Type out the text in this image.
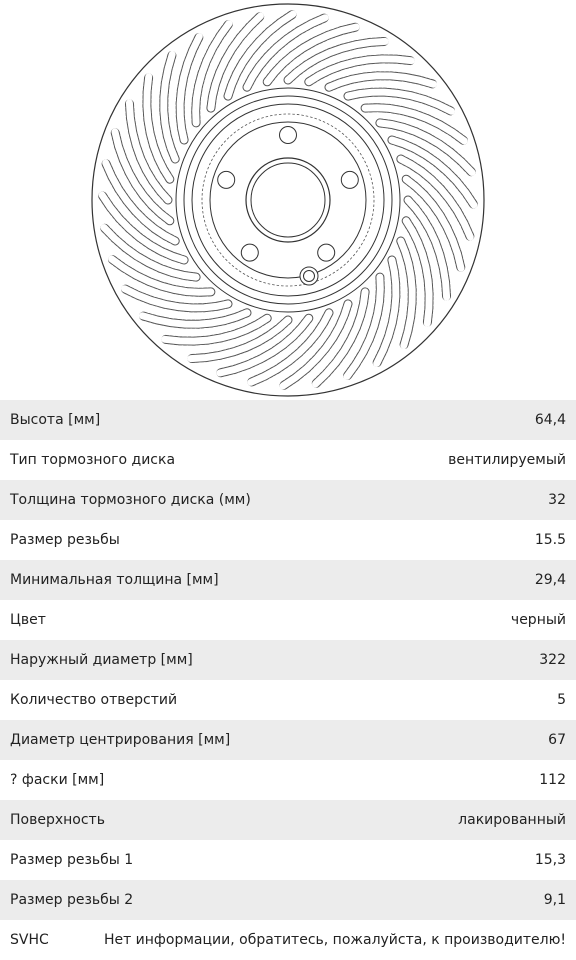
Высота [мм]	64,4
Тип тормозного диска	вентилируемый
Толщина тормозного диска (мм)	32
Размер резьбы	15.5
Минимальная толщина [мм]	29,4
Цвет	черный
Наружный диаметр [мм]	322
Количество отверстий	5
Диаметр центрирования [мм]	67
? фаски [мм]	112
Поверхность	лакированный
Размер резьбы 1	15,3
Размер резьбы 2	9,1
SVHC	Нет информации, обратитесь, пожалуйста, к производителю!
